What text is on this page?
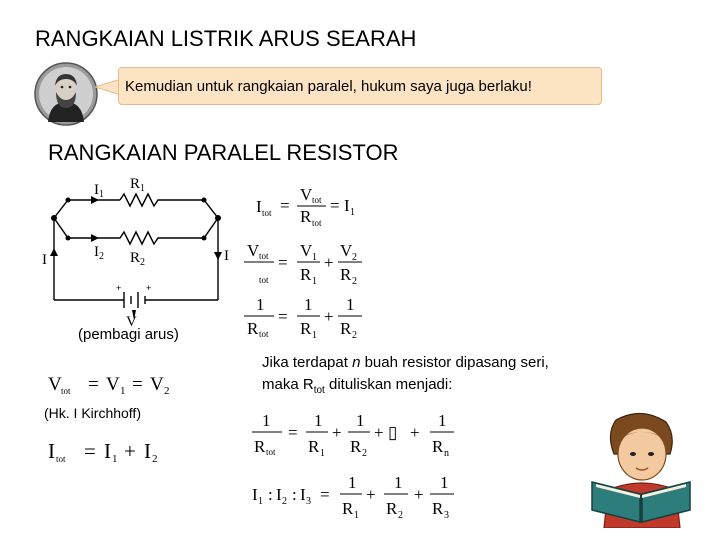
RANGKAIAN LISTRIK ARUS SEARAH
Kemudian untuk rangkaian paralel, hukum saya juga berlaku!
RANGKAIAN PARALEL RESISTOR
$I_1$
$R_1$
$I_2$ $R_2$
I	I
V
+	+
(pembagi arus)
I tot =
V tot
R tot
= I 1
V tot
tot
=
V 1
R 1
+
V 2
R 2
1
R tot
=
1
R 1
+
1
R 2
V tot = V 1 = V 2
(Hk. I Kirchhoff)
I tot = I 1 + I 2
Jika terdapat n buah resistor dipasang seri,
maka $R_{tot}$ dituliskan menjadi:
1
R tot
=
1
R 1
+
1
R 2
+ ▯ +
1
R n
I 1 : I 2 : I 3 =
1
R 1
+
1
R 2
+
1
R 3
